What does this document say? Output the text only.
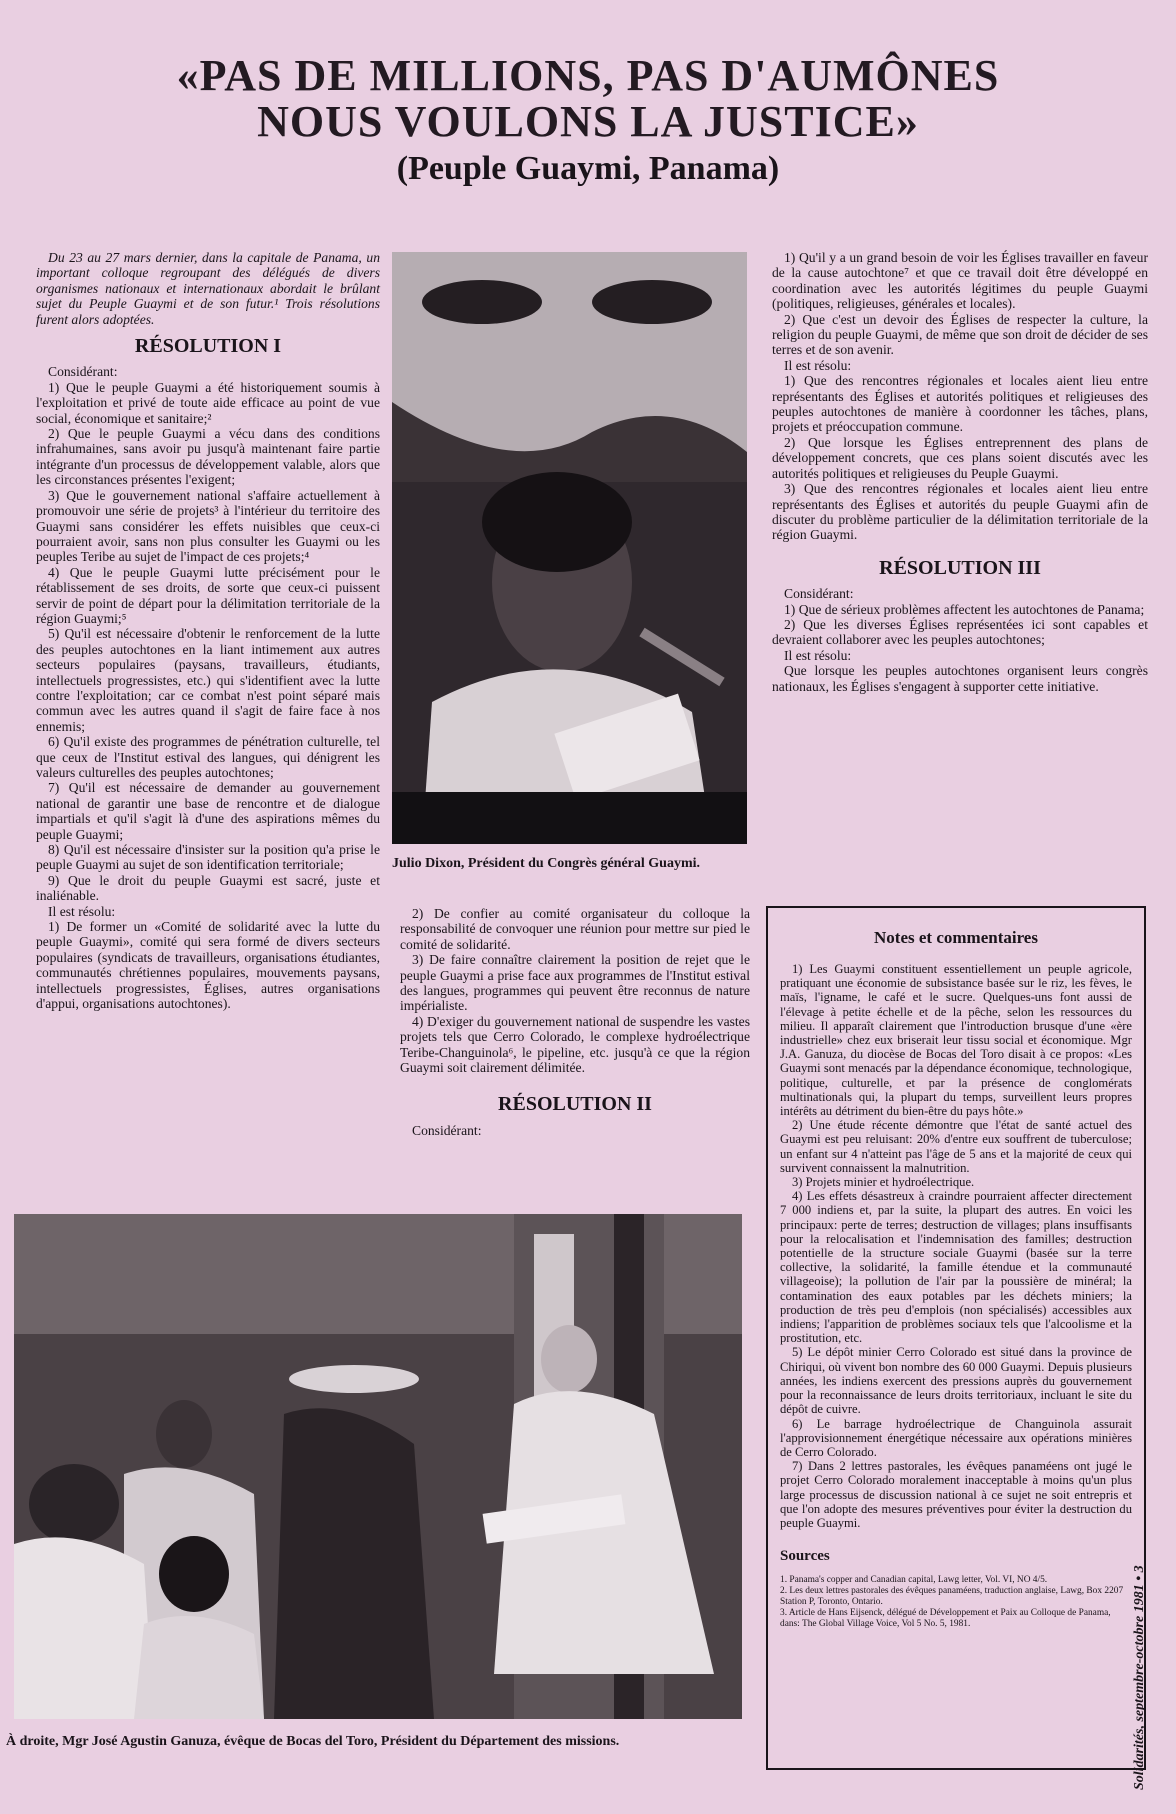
«PAS DE MILLIONS, PAS D'AUMÔNES
NOUS VOULONS LA JUSTICE»
(Peuple Guaymi, Panama)

Du 23 au 27 mars dernier, dans la capitale de Panama, un important colloque regroupant des délégués de divers organismes nationaux et internationaux abordait le brûlant sujet du Peuple Guaymi et de son futur.¹ Trois résolutions furent alors adoptées.

RÉSOLUTION I

Considérant:

1) Que le peuple Guaymi a été historiquement soumis à l'exploitation et privé de toute aide efficace au point de vue social, économique et sanitaire;²

2) Que le peuple Guaymi a vécu dans des conditions infrahumaines, sans avoir pu jusqu'à maintenant faire partie intégrante d'un processus de développement valable, alors que les circonstances présentes l'exigent;

3) Que le gouvernement national s'affaire actuellement à promouvoir une série de projets³ à l'intérieur du territoire des Guaymi sans considérer les effets nuisibles que ceux-ci pourraient avoir, sans non plus consulter les Guaymi ou les peuples Teribe au sujet de l'impact de ces projets;⁴

4) Que le peuple Guaymi lutte précisément pour le rétablissement de ses droits, de sorte que ceux-ci puissent servir de point de départ pour la délimitation territoriale de la région Guaymi;⁵

5) Qu'il est nécessaire d'obtenir le renforcement de la lutte des peuples autochtones en la liant intimement aux autres secteurs populaires (paysans, travailleurs, étudiants, intellectuels progressistes, etc.) qui s'identifient avec la lutte contre l'exploitation; car ce combat n'est point séparé mais commun avec les autres quand il s'agit de faire face à nos ennemis;

6) Qu'il existe des programmes de pénétration culturelle, tel que ceux de l'Institut estival des langues, qui dénigrent les valeurs culturelles des peuples autochtones;

7) Qu'il est nécessaire de demander au gouvernement national de garantir une base de rencontre et de dialogue impartials et qu'il s'agit là d'une des aspirations mêmes du peuple Guaymi;

8) Qu'il est nécessaire d'insister sur la position qu'a prise le peuple Guaymi au sujet de son identification territoriale;

9) Que le droit du peuple Guaymi est sacré, juste et inaliénable.

Il est résolu:

1) De former un «Comité de solidarité avec la lutte du peuple Guaymi», comité qui sera formé de divers secteurs populaires (syndicats de travailleurs, organisations étudiantes, communautés chrétiennes populaires, mouvements paysans, intellectuels progressistes, Églises, autres organisations d'appui, organisations autochtones).

Julio Dixon, Président du Congrès général Guaymi.

2) De confier au comité organisateur du colloque la responsabilité de convoquer une réunion pour mettre sur pied le comité de solidarité.

3) De faire connaître clairement la position de rejet que le peuple Guaymi a prise face aux programmes de l'Institut estival des langues, programmes qui peuvent être reconnus de nature impérialiste.

4) D'exiger du gouvernement national de suspendre les vastes projets tels que Cerro Colorado, le complexe hydroélectrique Teribe-Changuinola⁶, le pipeline, etc. jusqu'à ce que la région Guaymi soit clairement délimitée.

RÉSOLUTION II

Considérant:

1) Qu'il y a un grand besoin de voir les Églises travailler en faveur de la cause autochtone⁷ et que ce travail doit être développé en coordination avec les autorités légitimes du peuple Guaymi (politiques, religieuses, générales et locales).

2) Que c'est un devoir des Églises de respecter la culture, la religion du peuple Guaymi, de même que son droit de décider de ses terres et de son avenir.

Il est résolu:

1) Que des rencontres régionales et locales aient lieu entre représentants des Églises et autorités politiques et religieuses des peuples autochtones de manière à coordonner les tâches, plans, projets et préoccupation commune.

2) Que lorsque les Églises entreprennent des plans de développement concrets, que ces plans soient discutés avec les autorités politiques et religieuses du Peuple Guaymi.

3) Que des rencontres régionales et locales aient lieu entre représentants des Églises et autorités du peuple Guaymi afin de discuter du problème particulier de la délimitation territoriale de la région Guaymi.

RÉSOLUTION III

Considérant:

1) Que de sérieux problèmes affectent les autochtones de Panama;

2) Que les diverses Églises représentées ici sont capables et devraient collaborer avec les peuples autochtones;

Il est résolu:

Que lorsque les peuples autochtones organisent leurs congrès nationaux, les Églises s'engagent à supporter cette initiative.

Notes et commentaires

1) Les Guaymi constituent essentiellement un peuple agricole, pratiquant une économie de subsistance basée sur le riz, les fèves, le maïs, l'igname, le café et le sucre. Quelques-uns font aussi de l'élevage à petite échelle et de la pêche, selon les ressources du milieu. Il apparaît clairement que l'introduction brusque d'une «ère industrielle» chez eux briserait leur tissu social et économique. Mgr J.A. Ganuza, du diocèse de Bocas del Toro disait à ce propos: «Les Guaymi sont menacés par la dépendance économique, technologique, politique, culturelle, et par la présence de conglomérats multinationals qui, la plupart du temps, surveillent leurs propres intérêts au détriment du bien-être du pays hôte.»

2) Une étude récente démontre que l'état de santé actuel des Guaymi est peu reluisant: 20% d'entre eux souffrent de tuberculose; un enfant sur 4 n'atteint pas l'âge de 5 ans et la majorité de ceux qui survivent connaissent la malnutrition.

3) Projets minier et hydroélectrique.

4) Les effets désastreux à craindre pourraient affecter directement 7 000 indiens et, par la suite, la plupart des autres. En voici les principaux: perte de terres; destruction de villages; plans insuffisants pour la relocalisation et l'indemnisation des familles; destruction potentielle de la structure sociale Guaymi (basée sur la terre collective, la solidarité, la famille étendue et la communauté villageoise); la pollution de l'air par la poussière de minéral; la contamination des eaux potables par les déchets miniers; la production de très peu d'emplois (non spécialisés) accessibles aux indiens; l'apparition de problèmes sociaux tels que l'alcoolisme et la prostitution, etc.

5) Le dépôt minier Cerro Colorado est situé dans la province de Chiriqui, où vivent bon nombre des 60 000 Guaymi. Depuis plusieurs années, les indiens exercent des pressions auprès du gouvernement pour la reconnaissance de leurs droits territoriaux, incluant le site du dépôt de cuivre.

6) Le barrage hydroélectrique de Changuinola assurait l'approvisionnement énergétique nécessaire aux opérations minières de Cerro Colorado.

7) Dans 2 lettres pastorales, les évêques panaméens ont jugé le projet Cerro Colorado moralement inacceptable à moins qu'un plus large processus de discussion national à ce sujet ne soit entrepris et que l'on adopte des mesures préventives pour éviter la destruction du peuple Guaymi.

Sources

1. Panama's copper and Canadian capital, Lawg letter, Vol. VI, NO 4/5.

2. Les deux lettres pastorales des évêques panaméens, traduction anglaise, Lawg, Box 2207 Station P, Toronto, Ontario.

3. Article de Hans Eijsenck, délégué de Développement et Paix au Colloque de Panama, dans: The Global Village Voice, Vol 5 No. 5, 1981.	Solidarités, septembre-octobre 1981 • 3
À droite, Mgr José Agustin Ganuza, évêque de Bocas del Toro, Président du Département des missions.
